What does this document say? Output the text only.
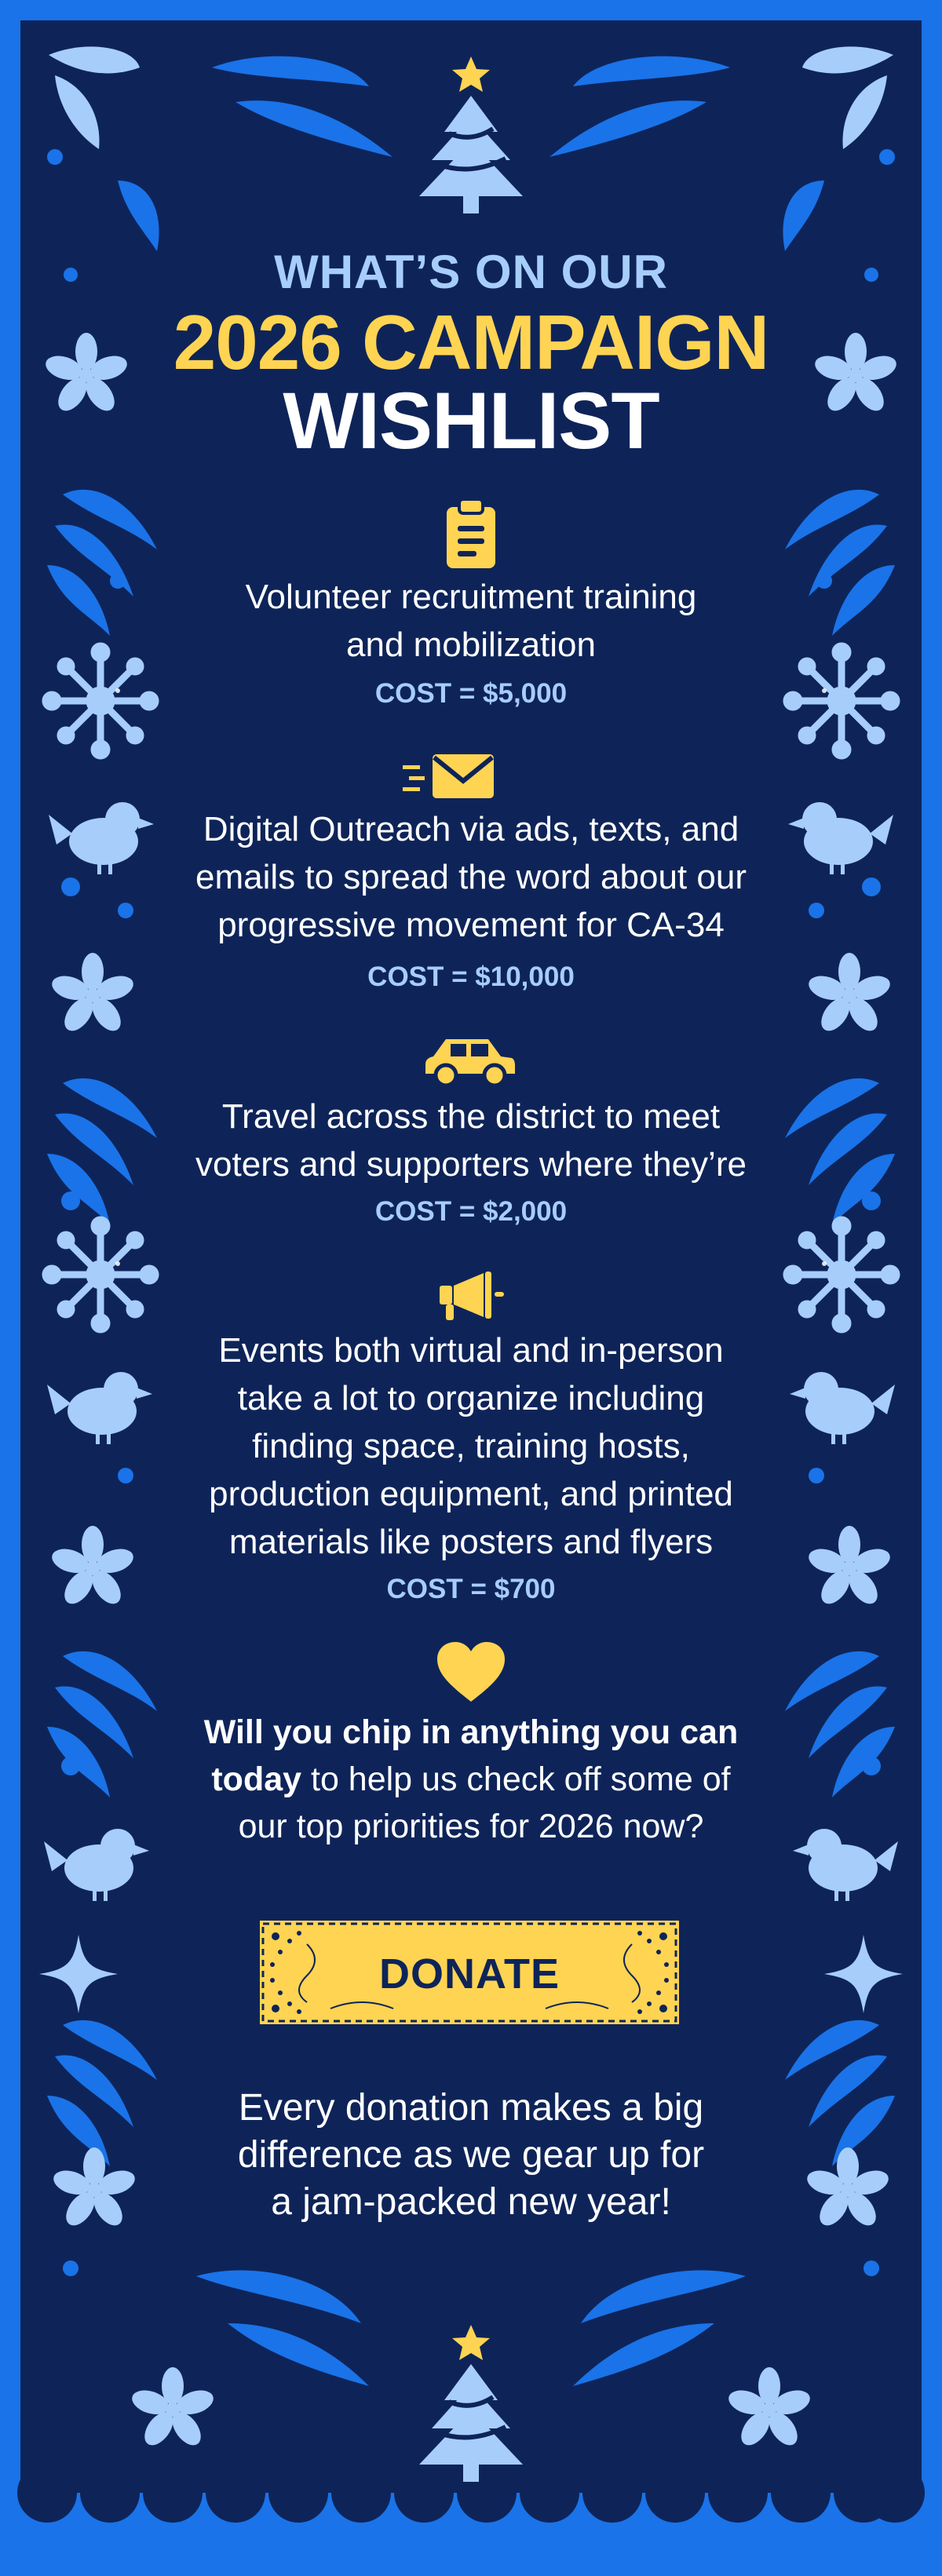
WHAT’S ON OUR
2026 CAMPAIGN
WISHLIST
Volunteer recruitment training
and mobilization
COST = $5,000
Digital Outreach via ads, texts, and
emails to spread the word about our
progressive movement for CA-34
COST = $10,000
Travel across the district to meet
voters and supporters where they’re
COST = $2,000
Events both virtual and in-person
take a lot to organize including
finding space, training hosts,
production equipment, and printed
materials like posters and flyers
COST = $700
Will you chip in anything you can
today to help us check off some of
our top priorities for 2026 now?
DONATE
Every donation makes a big
difference as we gear up for
a jam-packed new year!
